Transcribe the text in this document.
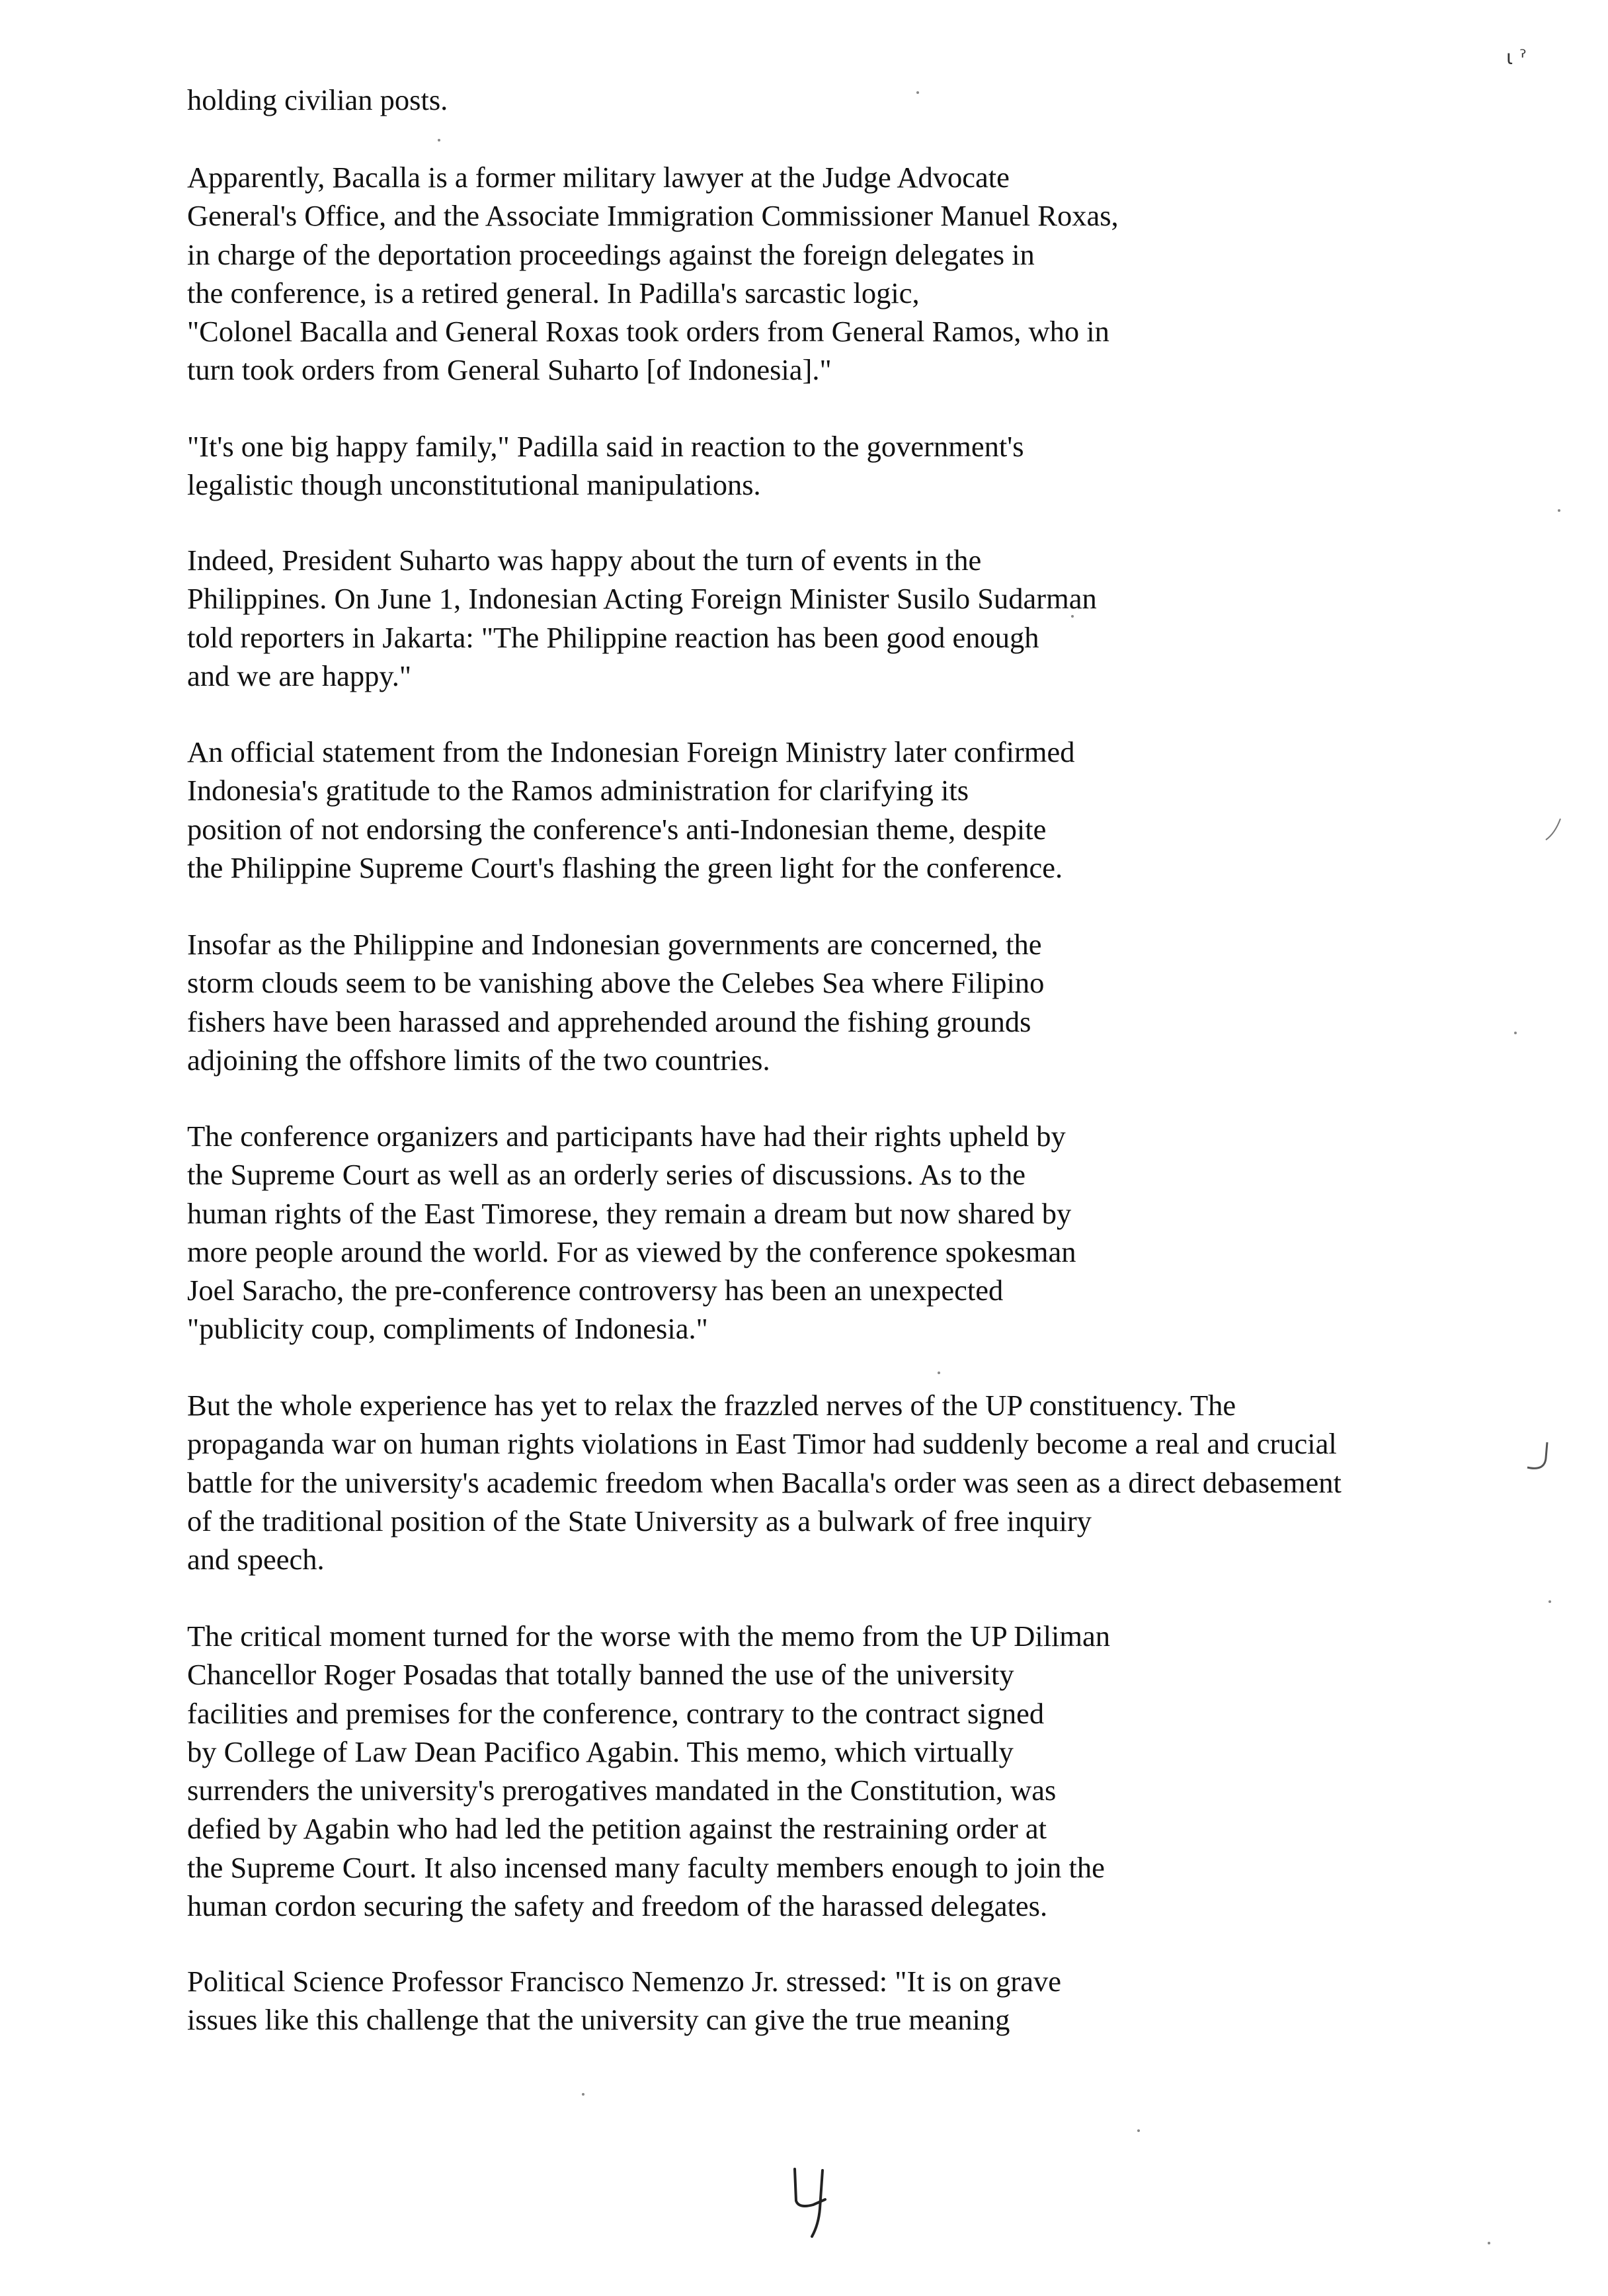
ɩ ˀ

holding civilian posts.

Apparently, Bacalla is a former military lawyer at the Judge Advocate
General's Office, and the Associate Immigration Commissioner Manuel Roxas,
in charge of the deportation proceedings against the foreign delegates in
the conference, is a retired general. In Padilla's sarcastic logic,
"Colonel Bacalla and General Roxas took orders from General Ramos, who in
turn took orders from General Suharto [of Indonesia]."

"It's one big happy family," Padilla said in reaction to the government's
legalistic though unconstitutional manipulations.

Indeed, President Suharto was happy about the turn of events in the
Philippines. On June 1, Indonesian Acting Foreign Minister Susilo Sudarman
told reporters in Jakarta: "The Philippine reaction has been good enough
and we are happy."

An official statement from the Indonesian Foreign Ministry later confirmed
Indonesia's gratitude to the Ramos administration for clarifying its
position of not endorsing the conference's anti-Indonesian theme, despite
the Philippine Supreme Court's flashing the green light for the conference.

Insofar as the Philippine and Indonesian governments are concerned, the
storm clouds seem to be vanishing above the Celebes Sea where Filipino
fishers have been harassed and apprehended around the fishing grounds
adjoining the offshore limits of the two countries.

The conference organizers and participants have had their rights upheld by
the Supreme Court as well as an orderly series of discussions. As to the
human rights of the East Timorese, they remain a dream but now shared by
more people around the world. For as viewed by the conference spokesman
Joel Saracho, the pre-conference controversy has been an unexpected
"publicity coup, compliments of Indonesia."

But the whole experience has yet to relax the frazzled nerves of the UP constituency. The
propaganda war on human rights violations in East Timor had suddenly become a real and crucial
battle for the university's academic freedom when Bacalla's order was seen as a direct debasement
of the traditional position of the State University as a bulwark of free inquiry
and speech.

The critical moment turned for the worse with the memo from the UP Diliman
Chancellor Roger Posadas that totally banned the use of the university
facilities and premises for the conference, contrary to the contract signed
by College of Law Dean Pacifico Agabin. This memo, which virtually
surrenders the university's prerogatives mandated in the Constitution, was
defied by Agabin who had led the petition against the restraining order at
the Supreme Court. It also incensed many faculty members enough to join the
human cordon securing the safety and freedom of the harassed delegates.

Political Science Professor Francisco Nemenzo Jr. stressed: "It is on grave
issues like this challenge that the university can give the true meaning
